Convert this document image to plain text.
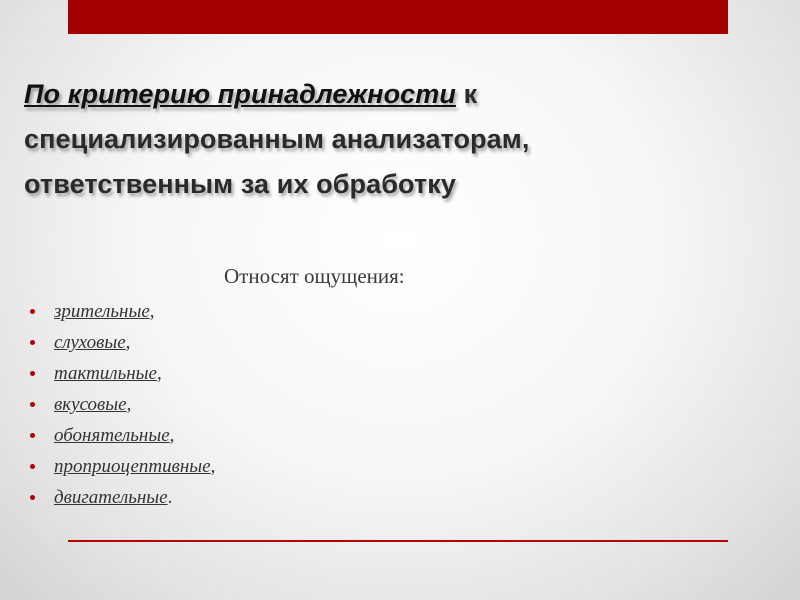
По критерию принадлежности к специализированным анализаторам, ответственным за их обработку

Относят ощущения:

зрительные,
слуховые,
тактильные,
вкусовые,
обонятельные,
проприоцептивные,
двигательные.
